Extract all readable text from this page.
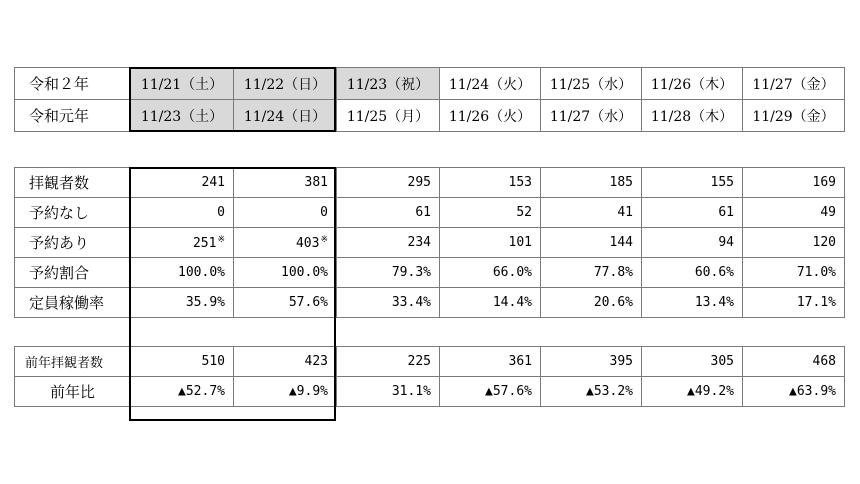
令和２年	11/21（土）	11/22（日）	11/23（祝）	11/24（火）	11/25（水）	11/26（木）	11/27（金）
令和元年	11/23（土）	11/24（日）	11/25（月）	11/26（火）	11/27（水）	11/28（木）	11/29（金）
拝観者数	241	381	295	153	185	155	169
予約なし	0	0	61	52	41	61	49
予約あり	251※	403※	234	101	144	94	120
予約割合	100.0%	100.0%	79.3%	66.0%	77.8%	60.6%	71.0%
定員稼働率	35.9%	57.6%	33.4%	14.4%	20.6%	13.4%	17.1%

前年拝観者数	510	423	225	361	395	305	468
前年比	▲52.7%	▲9.9%	31.1%	▲57.6%	▲53.2%	▲49.2%	▲63.9%
